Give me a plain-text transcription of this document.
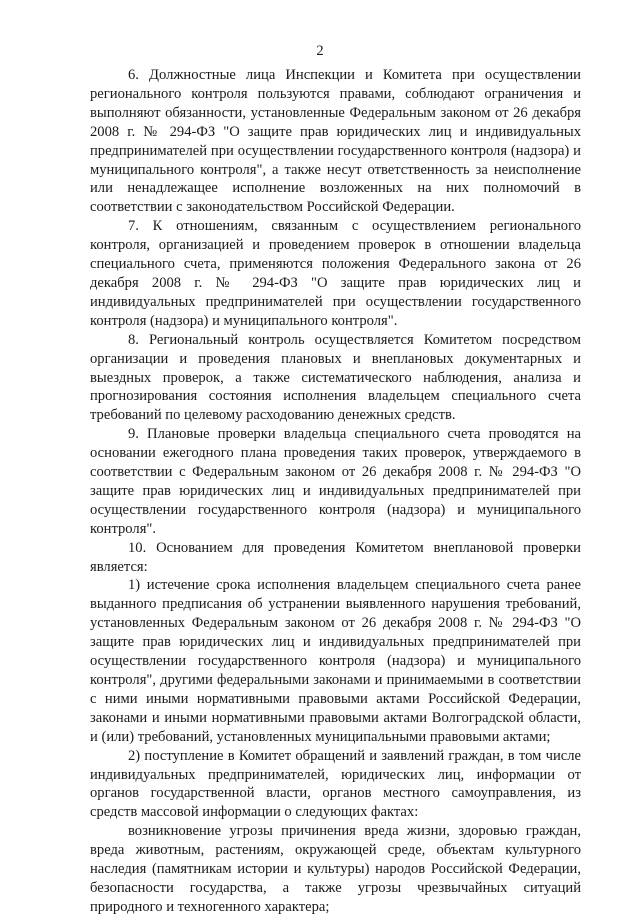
2

6. Должностные лица Инспекции и Комитета при осуществлении регионального контроля пользуются правами, соблюдают ограничения и выполняют обязанности, установленные Федеральным законом от 26 декабря 2008 г. № 294-ФЗ "О защите прав юридических лиц и индивидуальных предпринимателей при осуществлении государственного контроля (надзора) и муниципального контроля", а также несут ответственность за неисполнение или ненадлежащее исполнение возложенных на них полномочий в соответствии с законодательством Российской Федерации.

7. К отношениям, связанным с осуществлением регионального контроля, организацией и проведением проверок в отношении владельца специального счета, применяются положения Федерального закона от 26 декабря 2008 г. № 294-ФЗ "О защите прав юридических лиц и индивидуальных предпринимателей при осуществлении государственного контроля (надзора) и муниципального контроля".

8. Региональный контроль осуществляется Комитетом посредством организации и проведения плановых и внеплановых документарных и выездных проверок, а также систематического наблюдения, анализа и прогнозирования состояния исполнения владельцем специального счета требований по целевому расходованию денежных средств.

9. Плановые проверки владельца специального счета проводятся на основании ежегодного плана проведения таких проверок, утверждаемого в соответствии с Федеральным законом от 26 декабря 2008 г. № 294-ФЗ "О защите прав юридических лиц и индивидуальных предпринимателей при осуществлении государственного контроля (надзора) и муниципального контроля".

10. Основанием для проведения Комитетом внеплановой проверки является:

1) истечение срока исполнения владельцем специального счета ранее выданного предписания об устранении выявленного нарушения требований, установленных Федеральным законом от 26 декабря 2008 г. № 294-ФЗ "О защите прав юридических лиц и индивидуальных предпринимателей при осуществлении государственного контроля (надзора) и муниципального контроля", другими федеральными законами и принимаемыми в соответствии с ними иными нормативными правовыми актами Российской Федерации, законами и иными нормативными правовыми актами Волгоградской области, и (или) требований, установленных муниципальными правовыми актами;

2) поступление в Комитет обращений и заявлений граждан, в том числе индивидуальных предпринимателей, юридических лиц, информации от органов государственной власти, органов местного самоуправления, из средств массовой информации о следующих фактах:

возникновение угрозы причинения вреда жизни, здоровью граждан, вреда животным, растениям, окружающей среде, объектам культурного наследия (памятникам истории и культуры) народов Российской Федерации, безопасности государства, а также угрозы чрезвычайных ситуаций природного и техногенного характера;
